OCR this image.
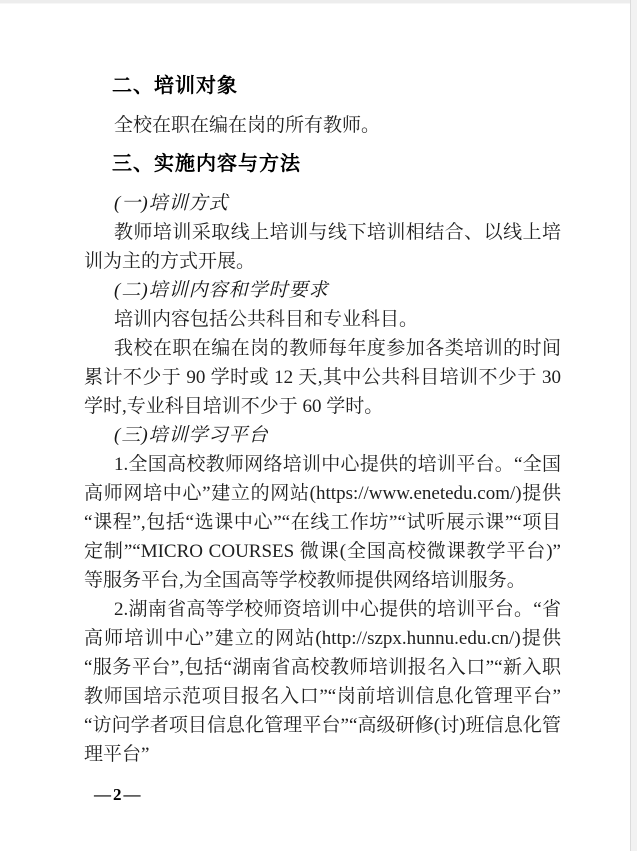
二、培训对象

全校在职在编在岗的所有教师。

三、实施内容与方法

(一)培训方式

教师培训采取线上培训与线下培训相结合、以线上培训为主的方式开展。

(二)培训内容和学时要求

培训内容包括公共科目和专业科目。

我校在职在编在岗的教师每年度参加各类培训的时间累计不少于 90 学时或 12 天,其中公共科目培训不少于 30 学时,专业科目培训不少于 60 学时。

(三)培训学习平台

1.全国高校教师网络培训中心提供的培训平台。“全国高师网培中心”建立的网站(https://www.enetedu.com/)提供“课程”,包括“选课中心”“在线工作坊”“试听展示课”“项目定制”“MICRO COURSES 微课(全国高校微课教学平台)”等服务平台,为全国高等学校教师提供网络培训服务。

2.湖南省高等学校师资培训中心提供的培训平台。“省高师培训中心”建立的网站(http://szpx.hunnu.edu.cn/)提供“服务平台”,包括“湖南省高校教师培训报名入口”“新入职教师国培示范项目报名入口”“岗前培训信息化管理平台”“访问学者项目信息化管理平台”“高级研修(讨)班信息化管理平台”

—2—
